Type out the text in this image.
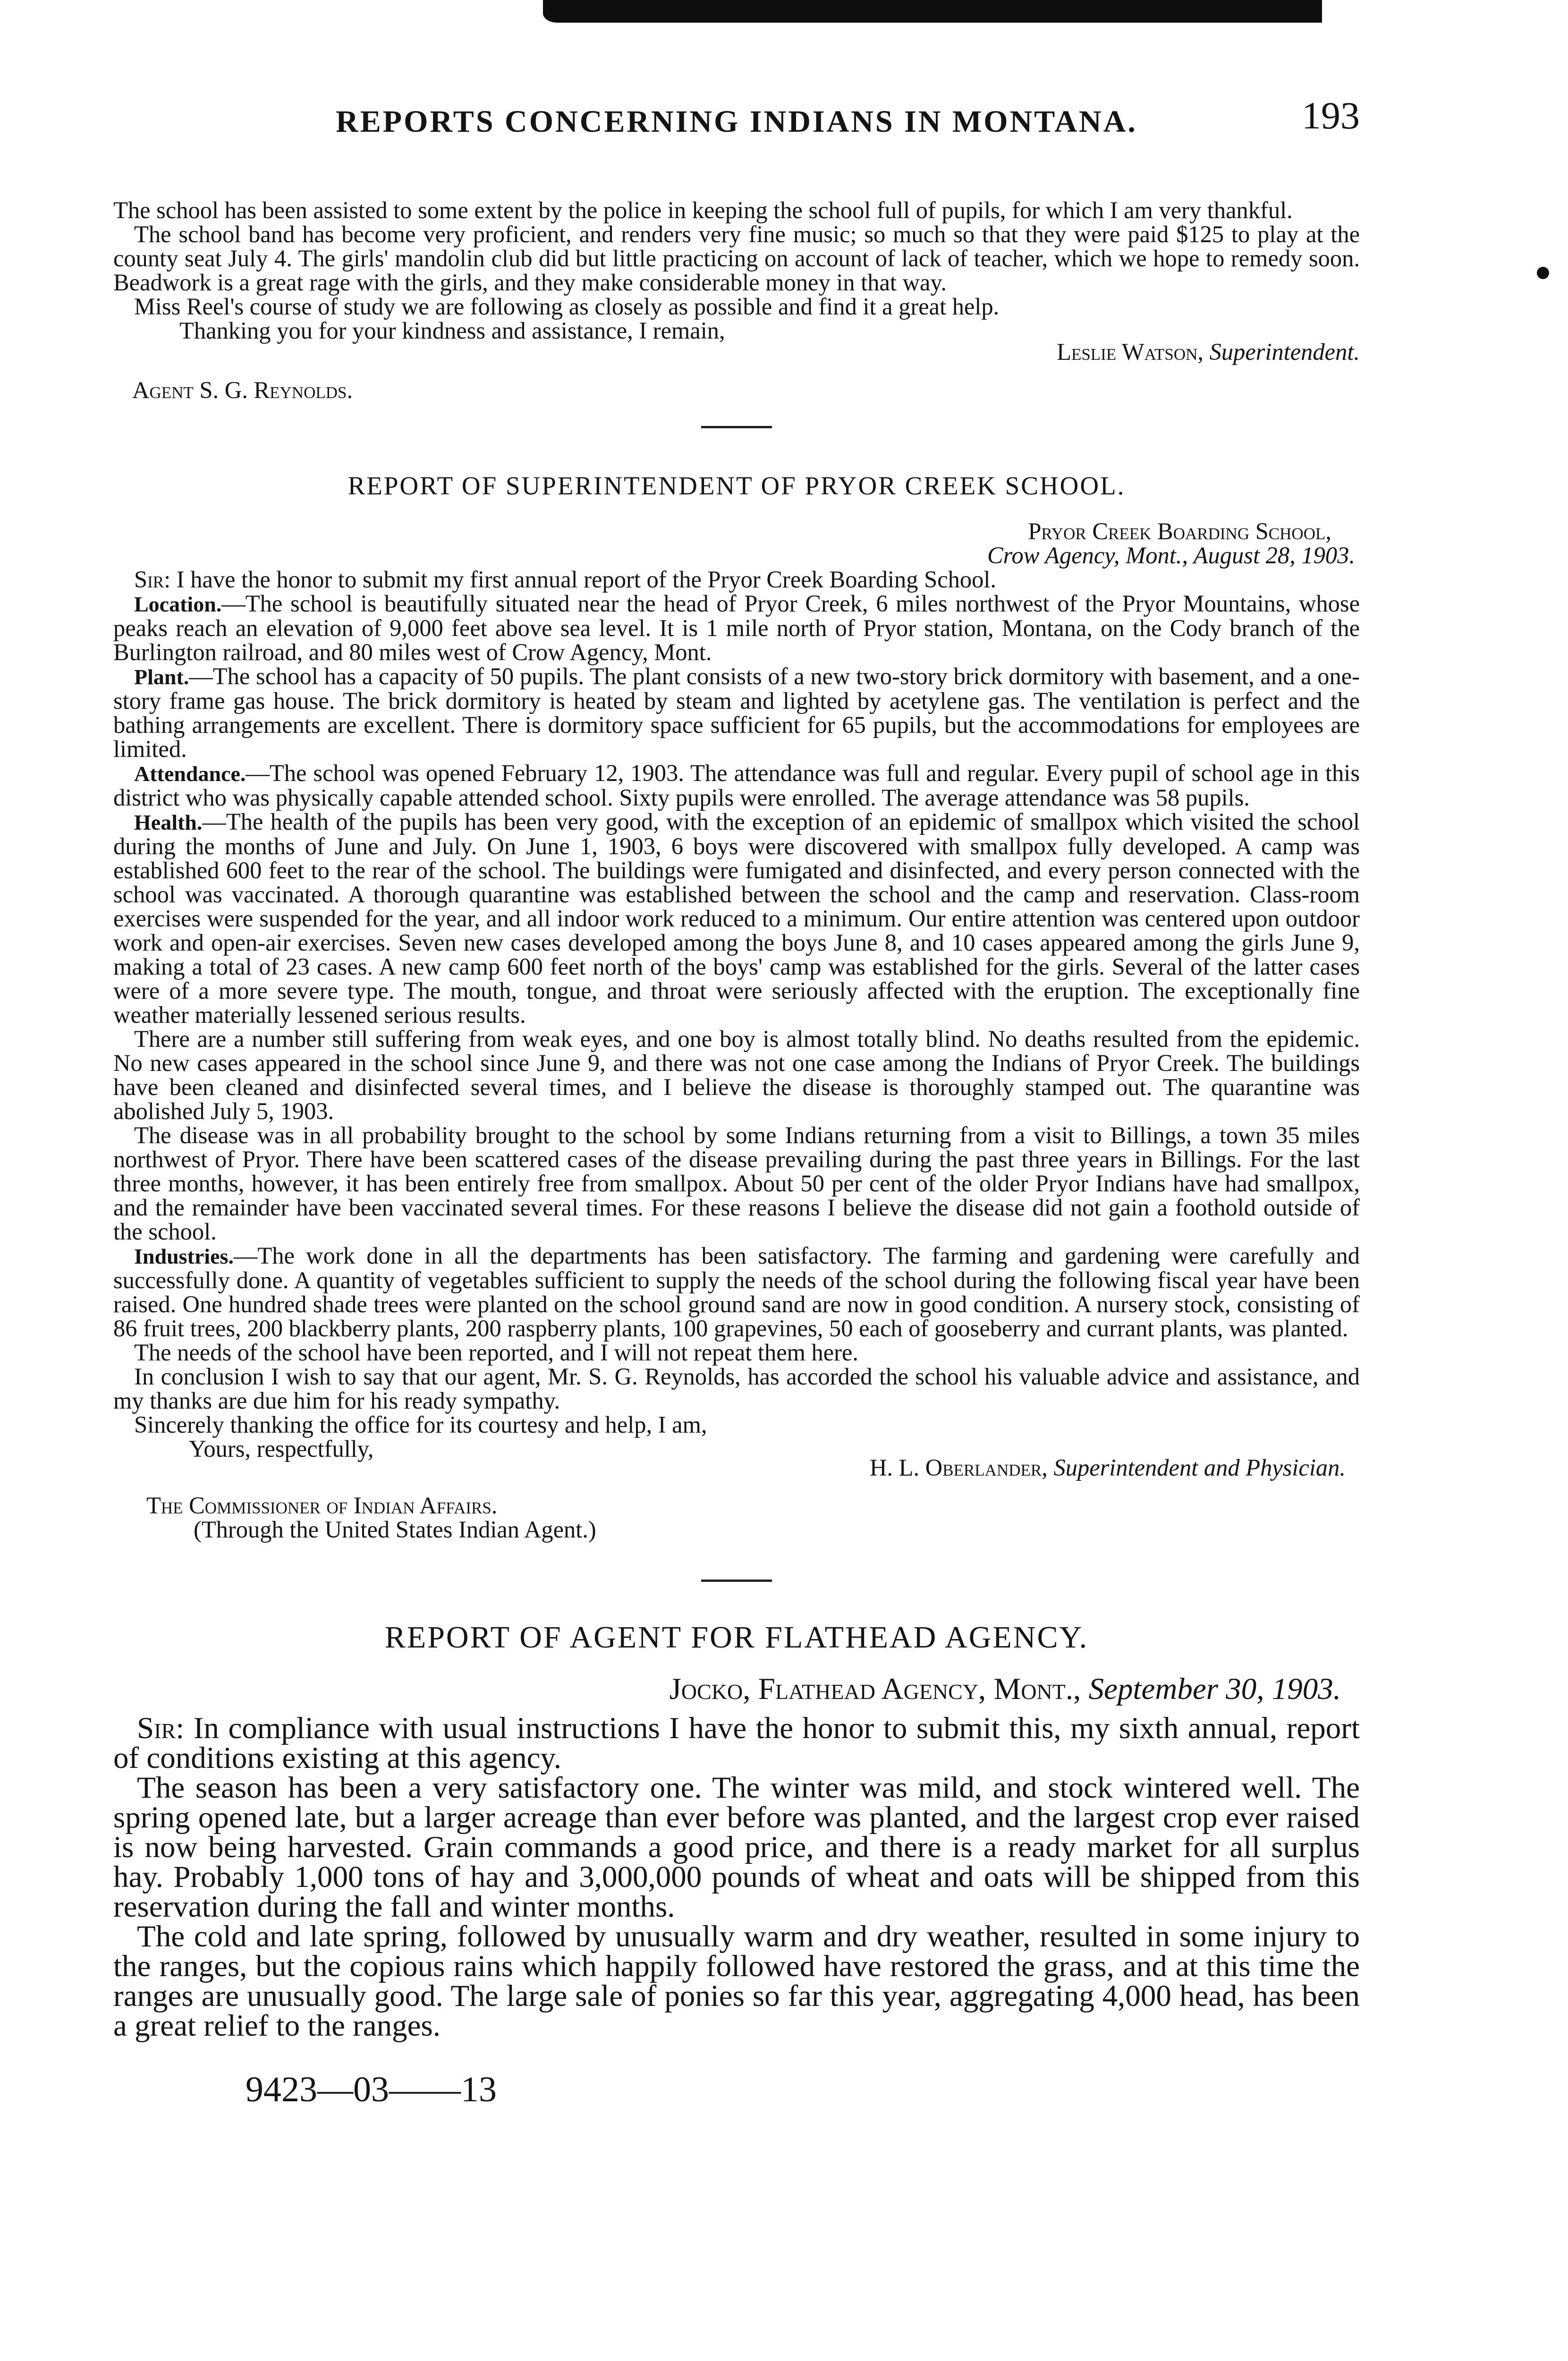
REPORTS CONCERNING INDIANS IN MONTANA.	193

The school has been assisted to some extent by the police in keeping the school full of pupils, for which I am very thankful.

The school band has become very proficient, and renders very fine music; so much so that they were paid $125 to play at the county seat July 4. The girls' mandolin club did but little practicing on account of lack of teacher, which we hope to remedy soon. Beadwork is a great rage with the girls, and they make considerable money in that way.

Miss Reel's course of study we are following as closely as possible and find it a great help.

Thanking you for your kindness and assistance, I remain,

Leslie Watson, Superintendent.
Agent S. G. Reynolds.
REPORT OF SUPERINTENDENT OF PRYOR CREEK SCHOOL.
Pryor Creek Boarding School,
Crow Agency, Mont., August 28, 1903.

Sir: I have the honor to submit my first annual report of the Pryor Creek Boarding School.

Location.—The school is beautifully situated near the head of Pryor Creek, 6 miles northwest of the Pryor Mountains, whose peaks reach an elevation of 9,000 feet above sea level. It is 1 mile north of Pryor station, Montana, on the Cody branch of the Burlington railroad, and 80 miles west of Crow Agency, Mont.

Plant.—The school has a capacity of 50 pupils. The plant consists of a new two-story brick dormitory with basement, and a one-story frame gas house. The brick dormitory is heated by steam and lighted by acetylene gas. The ventilation is perfect and the bathing arrangements are excellent. There is dormitory space sufficient for 65 pupils, but the accommodations for employees are limited.

Attendance.—The school was opened February 12, 1903. The attendance was full and regular. Every pupil of school age in this district who was physically capable attended school. Sixty pupils were enrolled. The average attendance was 58 pupils.

Health.—The health of the pupils has been very good, with the exception of an epidemic of smallpox which visited the school during the months of June and July. On June 1, 1903, 6 boys were discovered with smallpox fully developed. A camp was established 600 feet to the rear of the school. The buildings were fumigated and disinfected, and every person connected with the school was vaccinated. A thorough quarantine was established between the school and the camp and reservation. Class-room exercises were suspended for the year, and all indoor work reduced to a minimum. Our entire attention was centered upon outdoor work and open-air exercises. Seven new cases developed among the boys June 8, and 10 cases appeared among the girls June 9, making a total of 23 cases. A new camp 600 feet north of the boys' camp was established for the girls. Several of the latter cases were of a more severe type. The mouth, tongue, and throat were seriously affected with the eruption. The exceptionally fine weather materially lessened serious results.

There are a number still suffering from weak eyes, and one boy is almost totally blind. No deaths resulted from the epidemic. No new cases appeared in the school since June 9, and there was not one case among the Indians of Pryor Creek. The buildings have been cleaned and disinfected several times, and I believe the disease is thoroughly stamped out. The quarantine was abolished July 5, 1903.

The disease was in all probability brought to the school by some Indians returning from a visit to Billings, a town 35 miles northwest of Pryor. There have been scattered cases of the disease prevailing during the past three years in Billings. For the last three months, however, it has been entirely free from smallpox. About 50 per cent of the older Pryor Indians have had smallpox, and the remainder have been vaccinated several times. For these reasons I believe the disease did not gain a foothold outside of the school.

Industries.—The work done in all the departments has been satisfactory. The farming and gardening were carefully and successfully done. A quantity of vegetables sufficient to supply the needs of the school during the following fiscal year have been raised. One hundred shade trees were planted on the school ground sand are now in good condition. A nursery stock, consisting of 86 fruit trees, 200 blackberry plants, 200 raspberry plants, 100 grapevines, 50 each of gooseberry and currant plants, was planted.

The needs of the school have been reported, and I will not repeat them here.

In conclusion I wish to say that our agent, Mr. S. G. Reynolds, has accorded the school his valuable advice and assistance, and my thanks are due him for his ready sympathy.

Sincerely thanking the office for its courtesy and help, I am,

Yours, respectfully,
H. L. Oberlander, Superintendent and Physician.
The Commissioner of Indian Affairs.
(Through the United States Indian Agent.)
REPORT OF AGENT FOR FLATHEAD AGENCY.
Jocko, Flathead Agency, Mont., September 30, 1903.

Sir: In compliance with usual instructions I have the honor to submit this, my sixth annual, report of conditions existing at this agency.

The season has been a very satisfactory one. The winter was mild, and stock wintered well. The spring opened late, but a larger acreage than ever before was planted, and the largest crop ever raised is now being harvested. Grain commands a good price, and there is a ready market for all surplus hay. Probably 1,000 tons of hay and 3,000,000 pounds of wheat and oats will be shipped from this reservation during the fall and winter months.

The cold and late spring, followed by unusually warm and dry weather, resulted in some injury to the ranges, but the copious rains which happily followed have restored the grass, and at this time the ranges are unusually good. The large sale of ponies so far this year, aggregating 4,000 head, has been a great relief to the ranges.

9423—03——13
